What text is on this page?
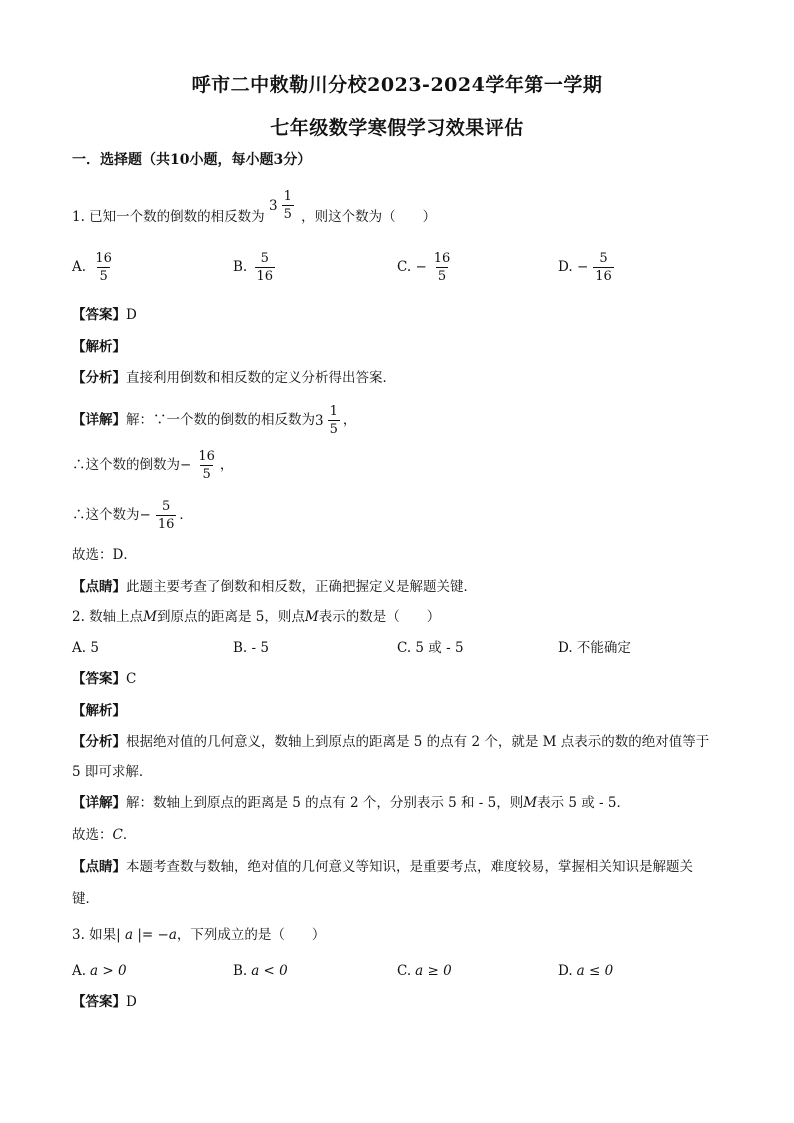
呼市二中敕勒川分校2023-2024学年第一学期
七年级数学寒假学习效果评估
一．选择题（共10小题，每小题3分）
1. 已知一个数的倒数的相反数为
$3 \frac{1}{5}$ ，则这个数为（　　）
A. $\frac{16}{5}$	B. $\frac{5}{16}$	C. − $\frac{16}{5}$	D. − $\frac{5}{16}$
【答案】D
【解析】
【分析】直接利用倒数和相反数的定义分析得出答案．
【详解】解：∵一个数的倒数的相反数为 $3 \frac{1}{5}$ ，
∴这个数的倒数为− $\frac{16}{5}$ ，
∴这个数为− $\frac{5}{16}$ ．
故选：D．
【点睛】此题主要考查了倒数和相反数，正确把握定义是解题关键．
2. 数轴上点M到原点的距离是 5，则点M表示的数是（　　）
A. 5	B. - 5	C. 5 或 - 5	D. 不能确定
【答案】C
【解析】
【分析】根据绝对值的几何意义，数轴上到原点的距离是 5 的点有 2 个，就是 M 点表示的数的绝对值等于
5 即可求解．
【详解】解：数轴上到原点的距离是 5 的点有 2 个，分别表示 5 和 - 5，则M表示 5 或 - 5．
故选：C．
【点睛】本题考查数与数轴，绝对值的几何意义等知识，是重要考点，难度较易，掌握相关知识是解题关
键．
3. 如果| a |= −a，下列成立的是（　　）
A. a > 0	B. a < 0	C. a ≥ 0	D. a ≤ 0
【答案】D
